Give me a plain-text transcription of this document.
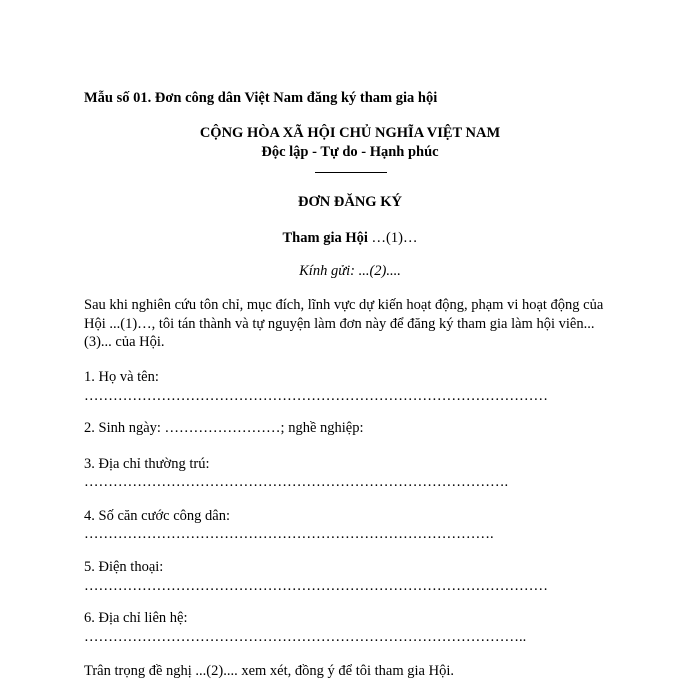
Mẫu số 01. Đơn công dân Việt Nam đăng ký tham gia hội
CỘNG HÒA XÃ HỘI CHỦ NGHĨA VIỆT NAM
Độc lập - Tự do - Hạnh phúc
ĐƠN ĐĂNG KÝ
Tham gia Hội …(1)…
Kính gửi: ...(2)....
Sau khi nghiên cứu tôn chỉ, mục đích, lĩnh vực dự kiến hoạt động, phạm vi hoạt động của
Hội ...(1)…, tôi tán thành và tự nguyện làm đơn này để đăng ký tham gia làm hội viên...
(3)... của Hội.
1. Họ và tên:
……………………………………………………………………………………
2. Sinh ngày: ……………………; nghề nghiệp:
3. Địa chỉ thường trú:
…………………………………………………………………………….
4. Số căn cước công dân:
………………………………………………………………………….
5. Điện thoại:
……………………………………………………………………………………
6. Địa chỉ liên hệ:
………………………………………………………………………………..
Trân trọng đề nghị ...(2).... xem xét, đồng ý để tôi tham gia Hội.
